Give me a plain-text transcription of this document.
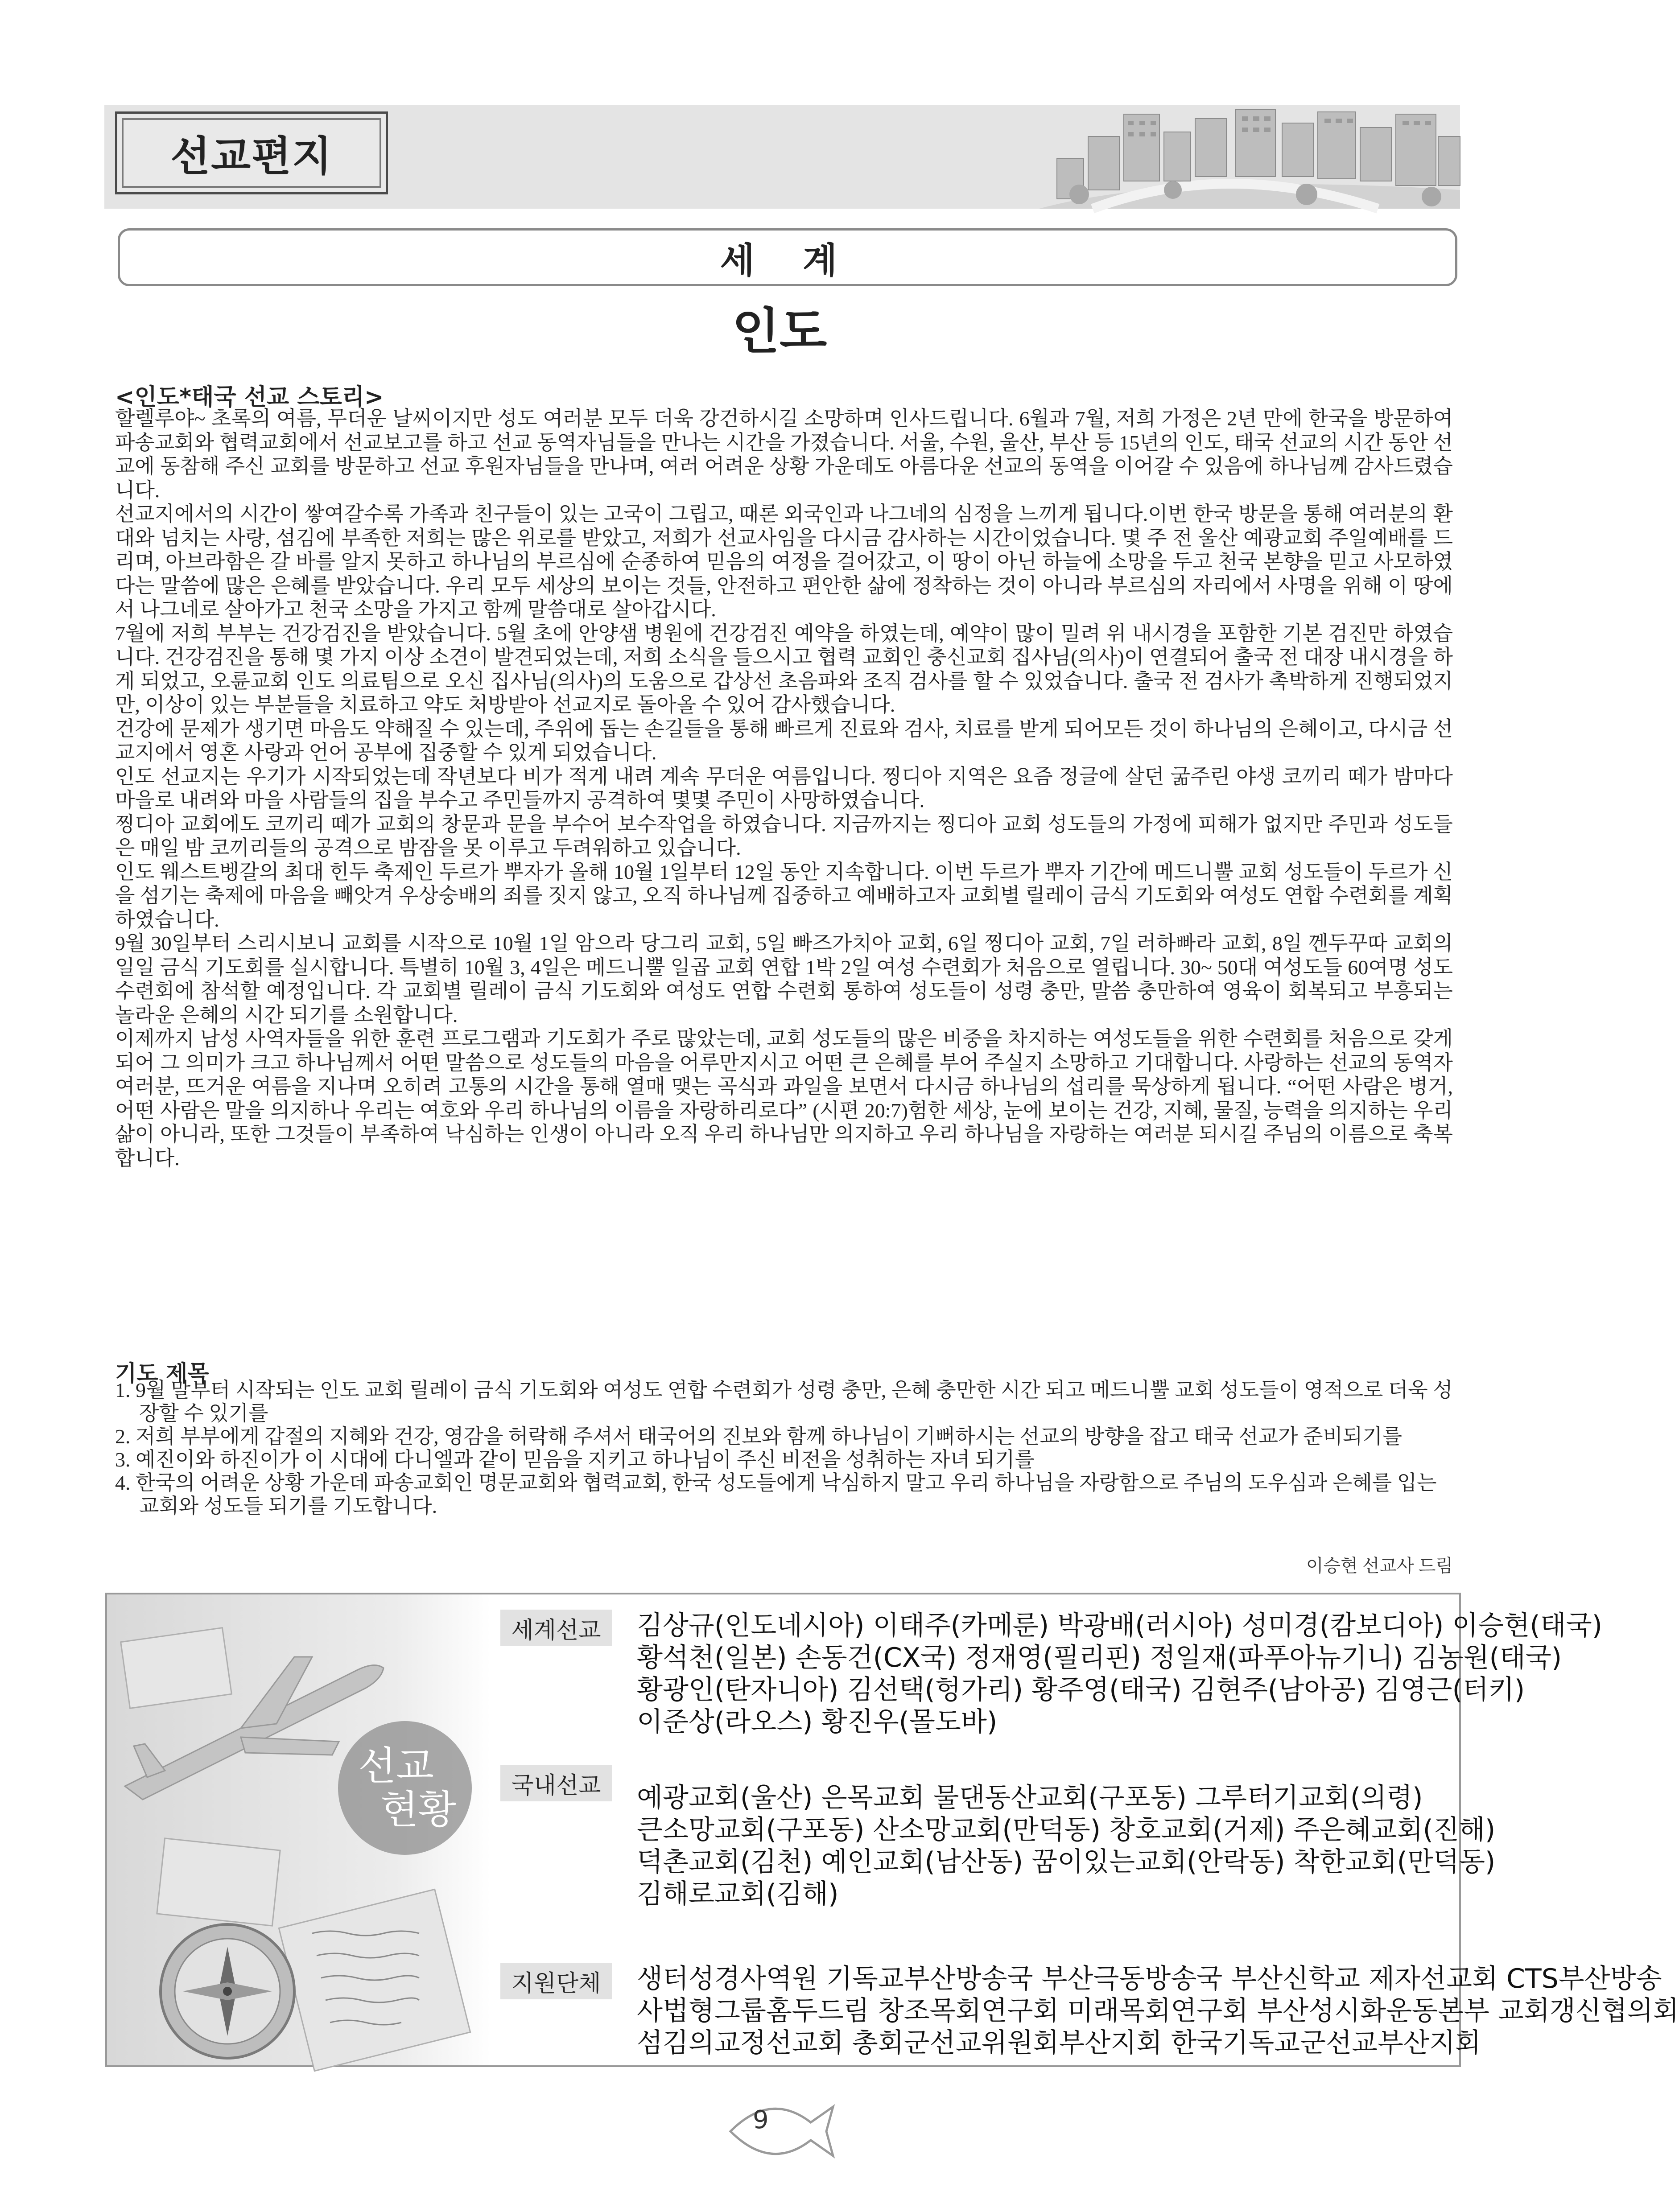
선교편지
세 계
인도
<인도*태국 선교 스토리>

할렐루야~ 초록의 여름, 무더운 날씨이지만 성도 여러분 모두 더욱 강건하시길 소망하며 인사드립니다. 6월과 7월, 저희 가정은 2년 만에 한국을 방문하여 파송교회와 협력교회에서 선교보고를 하고 선교 동역자님들을 만나는 시간을 가졌습니다. 서울, 수원, 울산, 부산 등 15년의 인도, 태국 선교의 시간 동안 선교에 동참해 주신 교회를 방문하고 선교 후원자님들을 만나며, 여러 어려운 상황 가운데도 아름다운 선교의 동역을 이어갈 수 있음에 하나님께 감사드렸습니다.

선교지에서의 시간이 쌓여갈수록 가족과 친구들이 있는 고국이 그립고, 때론 외국인과 나그네의 심정을 느끼게 됩니다.이번 한국 방문을 통해 여러분의 환대와 넘치는 사랑, 섬김에 부족한 저희는 많은 위로를 받았고, 저희가 선교사임을 다시금 감사하는 시간이었습니다. 몇 주 전 울산 예광교회 주일예배를 드리며, 아브라함은 갈 바를 알지 못하고 하나님의 부르심에 순종하여 믿음의 여정을 걸어갔고, 이 땅이 아닌 하늘에 소망을 두고 천국 본향을 믿고 사모하였다는 말씀에 많은 은혜를 받았습니다. 우리 모두 세상의 보이는 것들, 안전하고 편안한 삶에 정착하는 것이 아니라 부르심의 자리에서 사명을 위해 이 땅에서 나그네로 살아가고 천국 소망을 가지고 함께 말씀대로 살아갑시다.

7월에 저희 부부는 건강검진을 받았습니다. 5월 초에 안양샘 병원에 건강검진 예약을 하였는데, 예약이 많이 밀려 위 내시경을 포함한 기본 검진만 하였습니다. 건강검진을 통해 몇 가지 이상 소견이 발견되었는데, 저희 소식을 들으시고 협력 교회인 충신교회 집사님(의사)이 연결되어 출국 전 대장 내시경을 하게 되었고, 오륜교회 인도 의료팀으로 오신 집사님(의사)의 도움으로 갑상선 초음파와 조직 검사를 할 수 있었습니다. 출국 전 검사가 촉박하게 진행되었지만, 이상이 있는 부분들을 치료하고 약도 처방받아 선교지로 돌아올 수 있어 감사했습니다.

건강에 문제가 생기면 마음도 약해질 수 있는데, 주위에 돕는 손길들을 통해 빠르게 진료와 검사, 치료를 받게 되어모든 것이 하나님의 은혜이고, 다시금 선교지에서 영혼 사랑과 언어 공부에 집중할 수 있게 되었습니다.

인도 선교지는 우기가 시작되었는데 작년보다 비가 적게 내려 계속 무더운 여름입니다. 찡디아 지역은 요즘 정글에 살던 굶주린 야생 코끼리 떼가 밤마다 마을로 내려와 마을 사람들의 집을 부수고 주민들까지 공격하여 몇몇 주민이 사망하였습니다.

찡디아 교회에도 코끼리 떼가 교회의 창문과 문을 부수어 보수작업을 하였습니다. 지금까지는 찡디아 교회 성도들의 가정에 피해가 없지만 주민과 성도들은 매일 밤 코끼리들의 공격으로 밤잠을 못 이루고 두려워하고 있습니다.

인도 웨스트벵갈의 최대 힌두 축제인 두르가 뿌자가 올해 10월 1일부터 12일 동안 지속합니다. 이번 두르가 뿌자 기간에 메드니뿔 교회 성도들이 두르가 신을 섬기는 축제에 마음을 빼앗겨 우상숭배의 죄를 짓지 않고, 오직 하나님께 집중하고 예배하고자 교회별 릴레이 금식 기도회와 여성도 연합 수련회를 계획하였습니다.

9월 30일부터 스리시보니 교회를 시작으로 10월 1일 암으라 당그리 교회, 5일 빠즈가치아 교회, 6일 찡디아 교회, 7일 러하빠라 교회, 8일 껜두꾸따 교회의 일일 금식 기도회를 실시합니다. 특별히 10월 3, 4일은 메드니뿔 일곱 교회 연합 1박 2일 여성 수련회가 처음으로 열립니다. 30~ 50대 여성도들 60여명 성도 수련회에 참석할 예정입니다. 각 교회별 릴레이 금식 기도회와 여성도 연합 수련회 통하여 성도들이 성령 충만, 말씀 충만하여 영육이 회복되고 부흥되는 놀라운 은혜의 시간 되기를 소원합니다.

이제까지 남성 사역자들을 위한 훈련 프로그램과 기도회가 주로 많았는데, 교회 성도들의 많은 비중을 차지하는 여성도들을 위한 수련회를 처음으로 갖게 되어 그 의미가 크고 하나님께서 어떤 말씀으로 성도들의 마음을 어루만지시고 어떤 큰 은혜를 부어 주실지 소망하고 기대합니다. 사랑하는 선교의 동역자 여러분, 뜨거운 여름을 지나며 오히려 고통의 시간을 통해 열매 맺는 곡식과 과일을 보면서 다시금 하나님의 섭리를 묵상하게 됩니다. “어떤 사람은 병거, 어떤 사람은 말을 의지하나 우리는 여호와 우리 하나님의 이름을 자랑하리로다” (시편 20:7)험한 세상, 눈에 보이는 건강, 지혜, 물질, 능력을 의지하는 우리 삶이 아니라, 또한 그것들이 부족하여 낙심하는 인생이 아니라 오직 우리 하나님만 의지하고 우리 하나님을 자랑하는 여러분 되시길 주님의 이름으로 축복합니다.

기도 제목
1. 9월 말부터 시작되는 인도 교회 릴레이 금식 기도회와 여성도 연합 수련회가 성령 충만, 은혜 충만한 시간 되고 메드니뿔 교회 성도들이 영적으로 더욱 성장할 수 있기를
2. 저희 부부에게 갑절의 지혜와 건강, 영감을 허락해 주셔서 태국어의 진보와 함께 하나님이 기뻐하시는 선교의 방향을 잡고 태국 선교가 준비되기를
3. 예진이와 하진이가 이 시대에 다니엘과 같이 믿음을 지키고 하나님이 주신 비전을 성취하는 자녀 되기를
4. 한국의 어려운 상황 가운데 파송교회인 명문교회와 협력교회, 한국 성도들에게 낙심하지 말고 우리 하나님을 자랑함으로 주님의 도우심과 은혜를 입는 교회와 성도들 되기를 기도합니다.
이승현 선교사 드림
선교
현황
세계선교	김상규(인도네시아) 이태주(카메룬) 박광배(러시아) 성미경(캄보디아) 이승현(태국)
황석천(일본) 손동건(CX국) 정재영(필리핀) 정일재(파푸아뉴기니) 김농원(태국)
황광인(탄자니아) 김선택(헝가리) 황주영(태국) 김현주(남아공) 김영근(터키)
이준상(라오스) 황진우(몰도바)
국내선교	예광교회(울산) 은목교회 물댄동산교회(구포동) 그루터기교회(의령)
큰소망교회(구포동) 산소망교회(만덕동) 창호교회(거제) 주은혜교회(진해)
덕촌교회(김천) 예인교회(남산동) 꿈이있는교회(안락동) 착한교회(만덕동)
김해로교회(김해)
지원단체	생터성경사역원 기독교부산방송국 부산극동방송국 부산신학교 제자선교회 CTS부산방송
사법형그룹홈두드림 창조목회연구회 미래목회연구회 부산성시화운동본부 교회갱신협의회
섬김의교정선교회 총회군선교위원회부산지회 한국기독교군선교부산지회
9
